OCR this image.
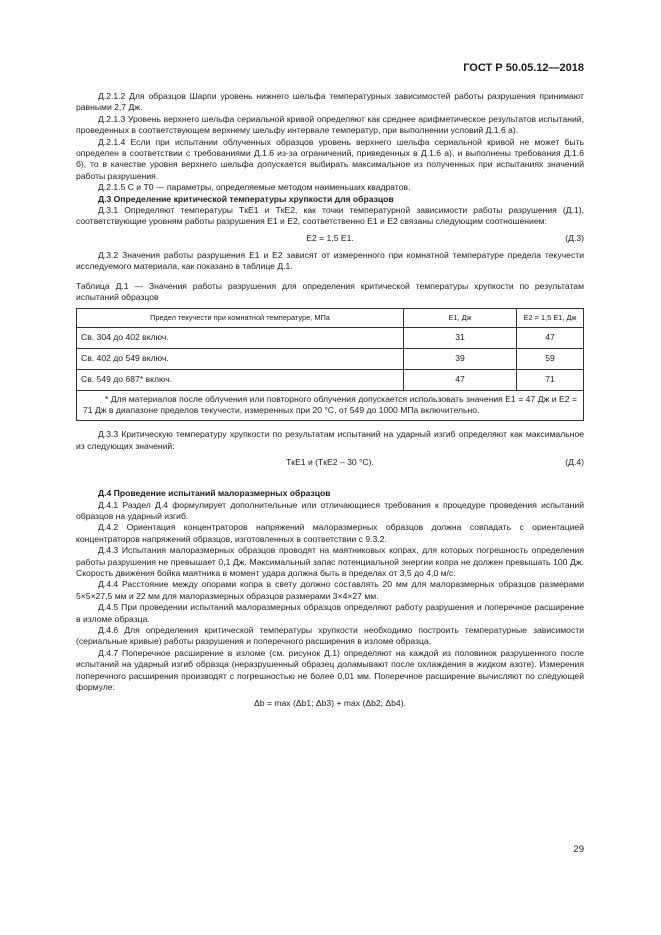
ГОСТ Р 50.05.12—2018

Д.2.1.2 Для образцов Шарпи уровень нижнего шельфа температурных зависимостей работы разрушения принимают равными 2,7 Дж.

Д.2.1.3 Уровень верхнего шельфа сериальной кривой определяют как среднее арифметическое результатов испытаний, проведенных в соответствующем верхнему шельфу интервале температур, при выполнении условий Д.1.6 а).

Д.2.1.4 Если при испытании облученных образцов уровень верхнего шельфа сериальной кривой не может быть определен в соответствии с требованиями Д.1.6 из-за ограничений, приведенных в Д.1.6 а), и выполнены требования Д.1.6 б), то в качестве уровня верхнего шельфа допускается выбирать максимальное из полученных при испытаниях значений работы разрушения.

Д.2.1.5 C и T0 — параметры, определяемые методом наименьших квадратов.

Д.3 Определение критической температуры хрупкости для образцов

Д.3.1 Определяют температуры TкE1 и TкE2, как точки температурной зависимости работы разрушения (Д.1), соответствующие уровням работы разрушения E1 и E2, соответственно E1 и E2 связаны следующим соотношением:

E2 = 1,5 E1.	(Д.3)

Д.3.2 Значения работы разрушения E1 и E2 зависят от измеренного при комнатной температуре предела текучести исследуемого материала, как показано в таблице Д.1.

Таблица Д.1 — Значения работы разрушения для определения критической температуры хрупкости по результатам испытаний образцов

Предел текучести при комнатной температуре, МПа	E1, Дж	E2 = 1,5 E1, Дж
Св. 304 до 402 включ.	31	47
Св. 402 до 549 включ.	39	59
Св. 549 до 687* включ.	47	71
* Для материалов после облучения или повторного облучения допускается использовать значения E1 = 47 Дж и E2 = 71 Дж в диапазоне пределов текучести, измеренных при 20 °C, от 549 до 1000 МПа включительно.

Д.3.3 Критическую температуру хрупкости по результатам испытаний на ударный изгиб определяют как максимальное из следующих значений:

TкE1 и (TкE2 – 30 °C).	(Д.4)

Д.4 Проведение испытаний малоразмерных образцов

Д.4.1 Раздел Д.4 формулирует дополнительные или отличающиеся требования к процедуре проведения испытаний образцов на ударный изгиб.

Д.4.2 Ориентация концентраторов напряжений малоразмерных образцов должна совпадать с ориентацией концентраторов напряжений образцов, изготовленных в соответствии с 9.3.2.

Д.4.3 Испытания малоразмерных образцов проводят на маятниковых копрах, для которых погрешность определения работы разрушения не превышает 0,1 Дж. Максимальный запас потенциальной энергии копра не должен превышать 100 Дж. Скорость движения бойка маятника в момент удара должна быть в пределах от 3,5 до 4,0 м/с.

Д.4.4 Расстояние между опорами копра в свету должно составлять 20 мм для малоразмерных образцов размерами 5×5×27,5 мм и 22 мм для малоразмерных образцов размерами 3×4×27 мм.

Д.4.5 При проведении испытаний малоразмерных образцов определяют работу разрушения и поперечное расширение в изломе образца.

Д.4.6 Для определения критической температуры хрупкости необходимо построить температурные зависимости (сериальные кривые) работы разрушения и поперечного расширения в изломе образца.

Д.4.7 Поперечное расширение в изломе (см. рисунок Д.1) определяют на каждой из половинок разрушенного после испытаний на ударный изгиб образца (неразрушенный образец доламывают после охлаждения в жидком азоте). Измерения поперечного расширения производят с погрешностью не более 0,01 мм. Поперечное расширение вычисляют по следующей формуле:

Δb = max (Δb1; Δb3) + max (Δb2; Δb4).
29
